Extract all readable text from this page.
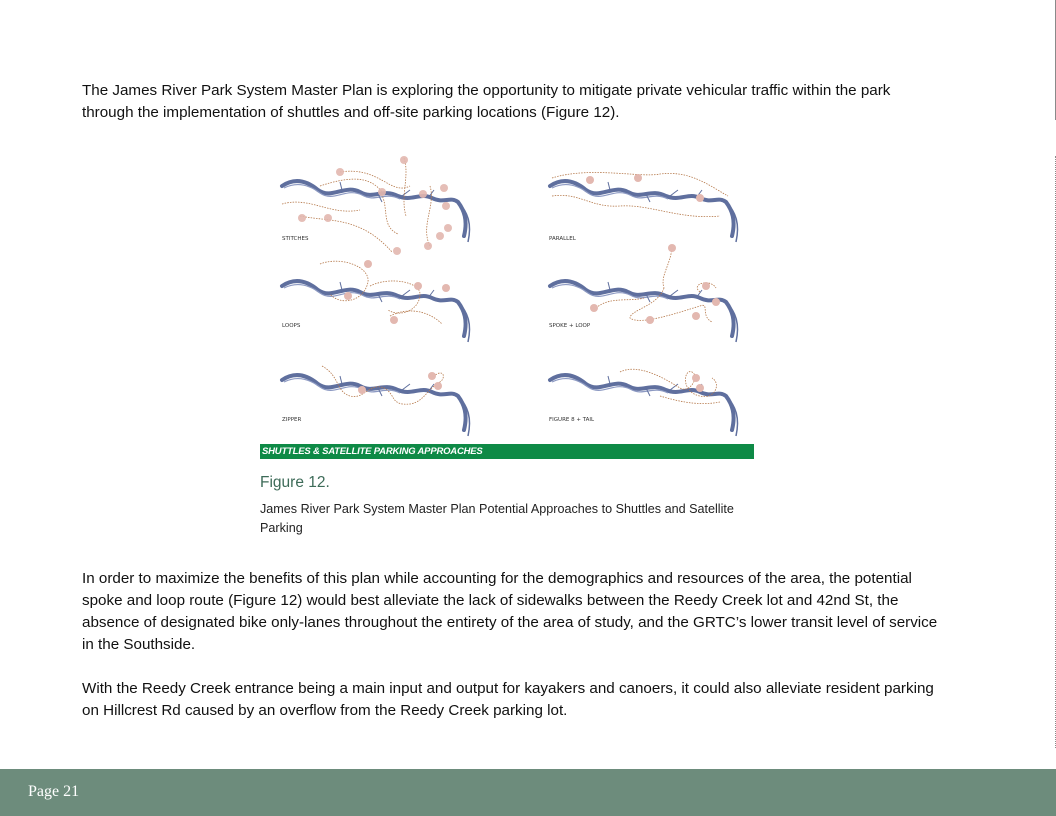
The James River Park System Master Plan is exploring the opportunity to mitigate private vehicular traffic within the park through the implementation of shuttles and off-site parking locations (Figure 12).

STITCHES	PARALLEL
LOOPS	SPOKE + LOOP
ZIPPER	FIGURE 8 + TAIL
SHUTTLES & SATELLITE PARKING APPROACHES

Figure 12.

James River Park System Master Plan Potential Approaches to Shuttles and Satellite Parking

In order to maximize the benefits of this plan while accounting for the demographics and resources of the area, the potential spoke and loop route (Figure 12) would best alleviate the lack of sidewalks between the Reedy Creek lot and 42nd St, the absence of designated bike only-lanes throughout the entirety of the area of study, and the GRTC’s lower transit level of service in the Southside.

With the Reedy Creek entrance being a main input and output for kayakers and canoers, it could also alleviate resident parking on Hillcrest Rd caused by an overflow from the Reedy Creek parking lot.

Page 21
